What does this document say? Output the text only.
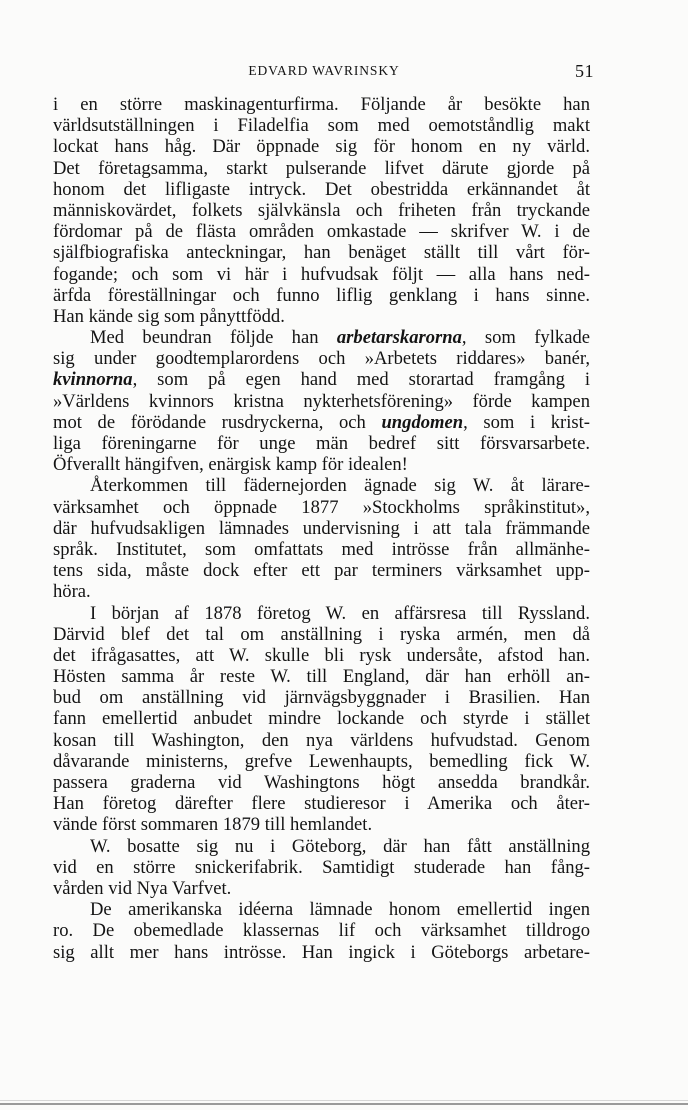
EDVARD WAVRINSKY	51
i en större maskinagenturfirma. Följande år besökte han
världsutställningen i Filadelfia som med oemotståndlig makt
lockat hans håg. Där öppnade sig för honom en ny värld.
Det företagsamma, starkt pulserande lifvet därute gjorde på
honom det lifligaste intryck. Det obestridda erkännandet åt
människovärdet, folkets självkänsla och friheten från tryckande
fördomar på de flästa områden omkastade — skrifver W. i de
själfbiografiska anteckningar, han benäget ställt till vårt för-
fogande; och som vi här i hufvudsak följt — alla hans ned-
ärfda föreställningar och funno liflig genklang i hans sinne.
Han kände sig som pånyttfödd.
Med beundran följde han arbetarskarorna, som fylkade
sig under goodtemplarordens och »Arbetets riddares» banér,
kvinnorna, som på egen hand med storartad framgång i
»Världens kvinnors kristna nykterhetsförening» förde kampen
mot de förödande rusdryckerna, och ungdomen, som i krist-
liga föreningarne för unge män bedref sitt försvarsarbete.
Öfverallt hängifven, enärgisk kamp för idealen!
Återkommen till fädernejorden ägnade sig W. åt lärare-
värksamhet och öppnade 1877 »Stockholms språkinstitut»,
där hufvudsakligen lämnades undervisning i att tala främmande
språk. Institutet, som omfattats med intrösse från allmänhe-
tens sida, måste dock efter ett par terminers värksamhet upp-
höra.
I början af 1878 företog W. en affärsresa till Ryssland.
Därvid blef det tal om anställning i ryska armén, men då
det ifrågasattes, att W. skulle bli rysk undersåte, afstod han.
Hösten samma år reste W. till England, där han erhöll an-
bud om anställning vid järnvägsbyggnader i Brasilien. Han
fann emellertid anbudet mindre lockande och styrde i stället
kosan till Washington, den nya världens hufvudstad. Genom
dåvarande ministerns, grefve Lewenhaupts, bemedling fick W.
passera graderna vid Washingtons högt ansedda brandkår.
Han företog därefter flere studieresor i Amerika och åter-
vände först sommaren 1879 till hemlandet.
W. bosatte sig nu i Göteborg, där han fått anställning
vid en större snickerifabrik. Samtidigt studerade han fång-
vården vid Nya Varfvet.
De amerikanska idéerna lämnade honom emellertid ingen
ro. De obemedlade klassernas lif och värksamhet tilldrogo
sig allt mer hans intrösse. Han ingick i Göteborgs arbetare-
